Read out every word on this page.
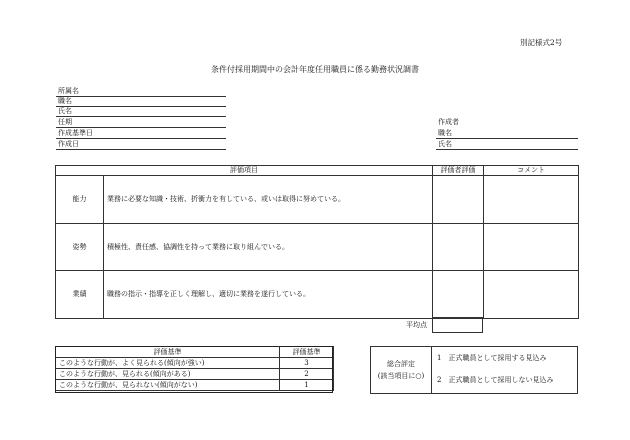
別記様式2号
条件付採用期間中の会計年度任用職員に係る勤務状況調書
所属名
職名
氏名
任期
作成基準日
作成日
作成者
職名
氏名
評価項目		評価者評価	コメント
能力	業務に必要な知識・技術、折衝力を有している、或いは取得に努めている。		
姿勢	積極性、責任感、協調性を持って業務に取り組んでいる。		
業績	職務の指示・指導を正しく理解し、適切に業務を遂行している。		
平均点
評価基準	評価基準
このような行動が、よく見られる(傾向が強い)	3
このような行動が、見られる(傾向がある)	2
このような行動が、見られない(傾向がない)	1
総合評定
(該当項目に○)
1　正式職員として採用する見込み
2　正式職員として採用しない見込み
